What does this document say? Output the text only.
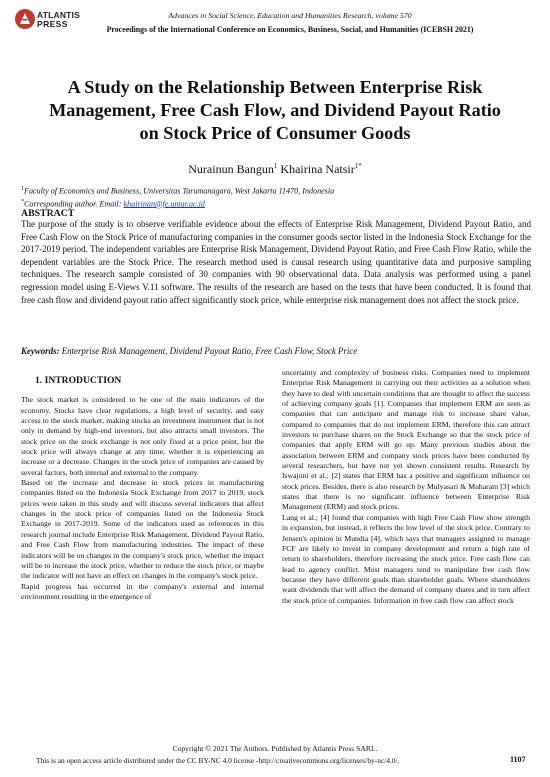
ATLANTIS
PRESS
Advances in Social Science, Education and Humanities Research, volume 570
Proceedings of the International Conference on Economics, Business, Social, and Humanities (ICEBSH 2021)
A Study on the Relationship Between Enterprise Risk Management, Free Cash Flow, and Dividend Payout Ratio on Stock Price of Consumer Goods
Nurainun Bangun$^1$ Khairina Natsir$^{1*}$
$^1$Faculty of Economics and Business, Universitas Tarumanagara, West Jakarta 11470, Indonesia
*Corresponding author. Email: khairinan@fe.untar.ac.id
ABSTRACT
The purpose of the study is to observe verifiable evidence about the effects of Enterprise Risk Management, Dividend Payout Ratio, and Free Cash Flow on the Stock Price of manufacturing companies in the consumer goods sector listed in the Indonesia Stock Exchange for the 2017-2019 period. The independent variables are Enterprise Risk Management, Dividend Payout Ratio, and Free Cash Flow Ratio, while the dependent variables are the Stock Price. The research method used is causal research using quantitative data and purposive sampling techniques. The research sample consisted of 30 companies with 90 observational data. Data analysis was performed using a panel regression model using E-Views V.11 software. The results of the research are based on the tests that have been conducted. It is found that free cash flow and dividend payout ratio affect significantly stock price, while enterprise risk management does not affect the stock price.
Keywords: Enterprise Risk Management, Dividend Payout Ratio, Free Cash Flow, Stock Price
1. INTRODUCTION

The stock market is considered to be one of the main indicators of the economy. Stocks have clear regulations, a high level of security, and easy access to the stock market, making stocks an investment instrument that is not only in demand by high-end investors, but also attracts small investors. The stock price on the stock exchange is not only fixed at a price point, but the stock price will always change at any time, whether it is experiencing an increase or a decrease. Changes in the stock price of companies are caused by several factors, both internal and external to the company.

Based on the increase and decrease in stock prices in manufacturing companies listed on the Indonesia Stock Exchange from 2017 to 2019, stock prices were taken in this study and will discuss several indicators that affect changes in the stock price of companies listed on the Indonesia Stock Exchange in 2017-2019. Some of the indicators used as references in this research journal include Enterprise Risk Management, Dividend Payout Ratio, and Free Cash Flow from manufacturing industries. The impact of these indicators will be on changes in the company's stock price, whether the impact will be to increase the stock price, whether to reduce the stock price, or maybe the indicator will not have an effect on changes in the company's stock price.

Rapid progress has occurred in the company's external and internal environment resulting in the emergence of

uncertainty and complexity of business risks. Companies need to implement Enterprise Risk Management in carrying out their activities as a solution when they have to deal with uncertain conditions that are thought to affect the success of achieving company goals [1]. Companies that implement ERM are seen as companies that can anticipate and manage risk to increase share value, compared to companies that do not implement ERM, therefore this can attract investors to purchase shares on the Stock Exchange so that the stock price of companies that apply ERM will go up. Many previous studies about the association between ERM and company stock prices have been conducted by several researchers, but have not yet shown consistent results. Research by Iswajuni et al.; [2] states that ERM has a positive and significant influence on stock prices. Besides, there is also research by Mulyasari & Muharam [3] which states that there is no significant influence between Enterprise Risk Management (ERM) and stock prices.

Lang et al.; [4] found that companies with high Free Cash Flow show strength in expansion, but instead, it reflects the low level of the stock price. Contrary to Jensen's opinion in Mundia [4], which says that managers assigned to manage FCF are likely to invest in company development and return a high rate of return to shareholders, therefore increasing the stock price. Free cash flow can lead to agency conflict. Most managers tend to manipulate free cash flow because they have different goals than shareholder goals. Where shareholders want dividends that will affect the demand of company shares and in turn affect the stock price of companies. Information in free cash flow can affect stock

Copyright © 2021 The Authors. Published by Atlantis Press SARL.
This is an open access article distributed under the CC BY-NC 4.0 license -http://creativecommons.org/licenses/by-nc/4.0/.	1107
